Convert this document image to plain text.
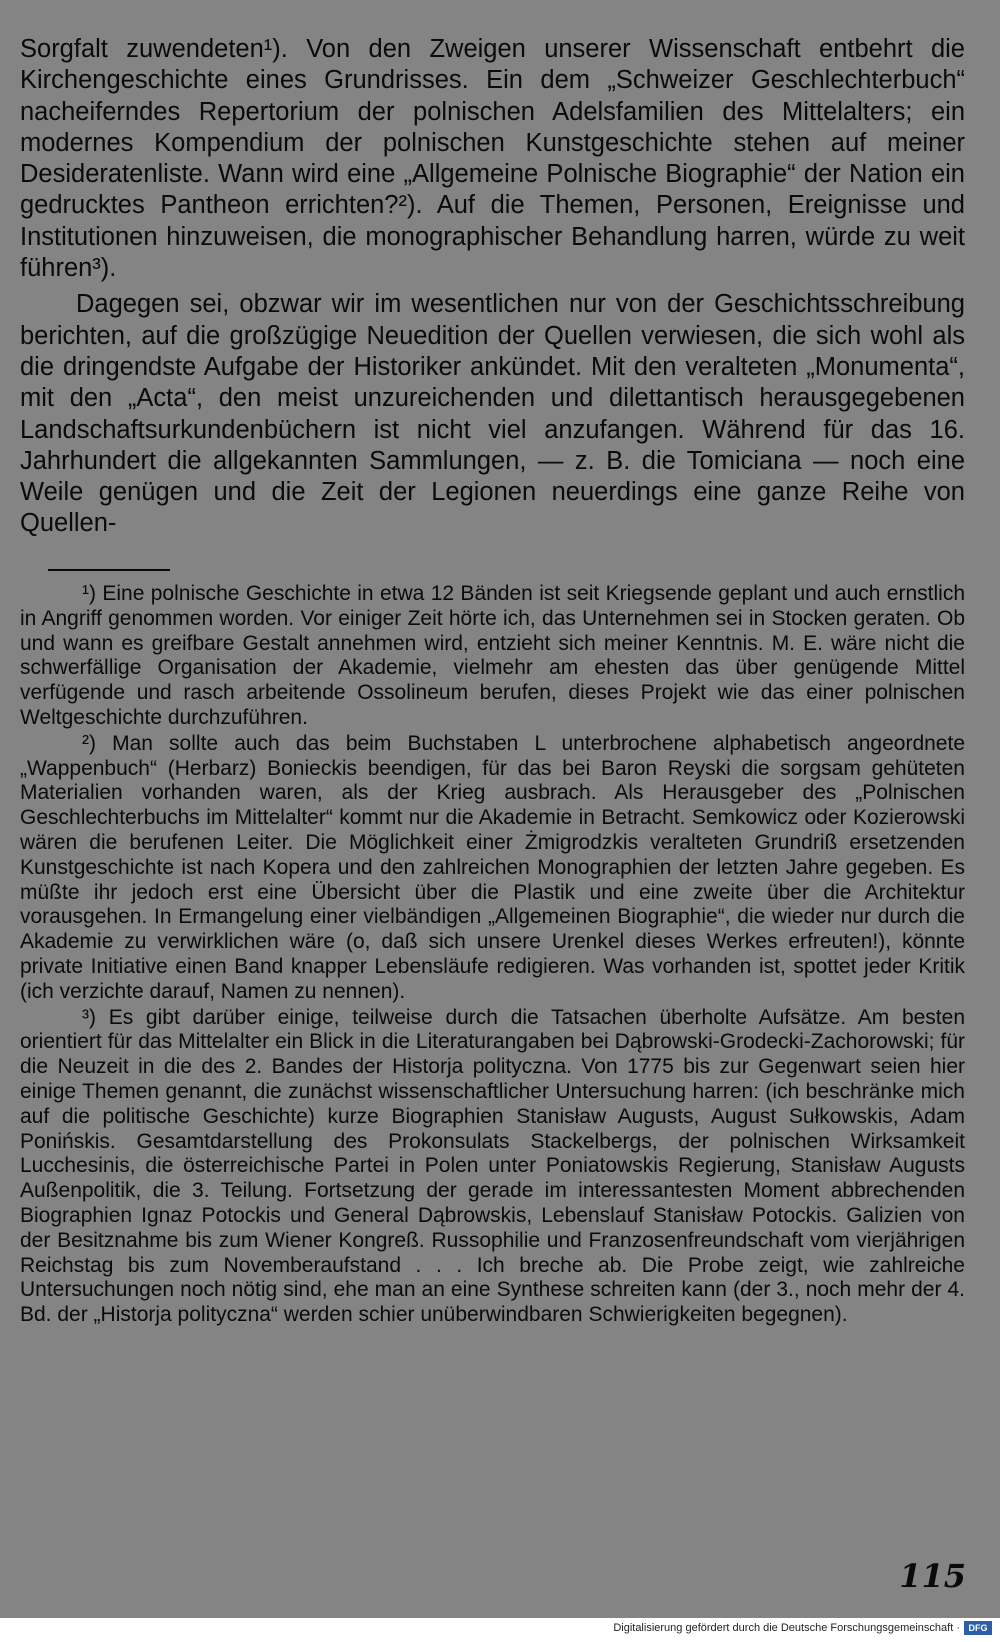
Sorgfalt zuwendeten¹). Von den Zweigen unserer Wissenschaft entbehrt die Kirchengeschichte eines Grundrisses. Ein dem „Schweizer Geschlechterbuch“ nacheiferndes Repertorium der polnischen Adelsfamilien des Mittelalters; ein modernes Kompendium der polnischen Kunstgeschichte stehen auf meiner Desideratenliste. Wann wird eine „Allgemeine Polnische Biographie“ der Nation ein gedrucktes Pantheon errichten?²). Auf die Themen, Personen, Ereignisse und Institutionen hinzuweisen, die monographischer Behandlung harren, würde zu weit führen³).

Dagegen sei, obzwar wir im wesentlichen nur von der Geschichtsschreibung berichten, auf die großzügige Neuedition der Quellen verwiesen, die sich wohl als die dringendste Aufgabe der Historiker ankündet. Mit den veralteten „Monumenta“, mit den „Acta“, den meist unzureichenden und dilettantisch herausgegebenen Landschaftsurkundenbüchern ist nicht viel anzufangen. Während für das 16. Jahrhundert die allgekannten Sammlungen, — z. B. die Tomiciana — noch eine Weile genügen und die Zeit der Legionen neuerdings eine ganze Reihe von Quellen-

¹) Eine polnische Geschichte in etwa 12 Bänden ist seit Kriegsende geplant und auch ernstlich in Angriff genommen worden. Vor einiger Zeit hörte ich, das Unternehmen sei in Stocken geraten. Ob und wann es greifbare Gestalt annehmen wird, entzieht sich meiner Kenntnis. M. E. wäre nicht die schwerfällige Organisation der Akademie, vielmehr am ehesten das über genügende Mittel verfügende und rasch arbeitende Ossolineum berufen, dieses Projekt wie das einer polnischen Weltgeschichte durchzuführen.

²) Man sollte auch das beim Buchstaben L unterbrochene alphabetisch angeordnete „Wappenbuch“ (Herbarz) Bonieckis beendigen, für das bei Baron Reyski die sorgsam gehüteten Materialien vorhanden waren, als der Krieg ausbrach. Als Herausgeber des „Polnischen Geschlechterbuchs im Mittelalter“ kommt nur die Akademie in Betracht. Semkowicz oder Kozierowski wären die berufenen Leiter. Die Möglichkeit einer Żmigrodzkis veralteten Grundriß ersetzenden Kunstgeschichte ist nach Kopera und den zahlreichen Monographien der letzten Jahre gegeben. Es müßte ihr jedoch erst eine Übersicht über die Plastik und eine zweite über die Architektur vorausgehen. In Ermangelung einer vielbändigen „Allgemeinen Biographie“, die wieder nur durch die Akademie zu verwirklichen wäre (o, daß sich unsere Urenkel dieses Werkes erfreuten!), könnte private Initiative einen Band knapper Lebensläufe redigieren. Was vorhanden ist, spottet jeder Kritik (ich verzichte darauf, Namen zu nennen).

³) Es gibt darüber einige, teilweise durch die Tatsachen überholte Aufsätze. Am besten orientiert für das Mittelalter ein Blick in die Literaturangaben bei Dąbrowski-Grodecki-Zachorowski; für die Neuzeit in die des 2. Bandes der Historja polityczna. Von 1775 bis zur Gegenwart seien hier einige Themen genannt, die zunächst wissenschaftlicher Untersuchung harren: (ich beschränke mich auf die politische Geschichte) kurze Biographien Stanisław Augusts, August Sułkowskis, Adam Ponińskis. Gesamtdarstellung des Prokonsulats Stackelbergs, der polnischen Wirksamkeit Lucchesinis, die österreichische Partei in Polen unter Poniatowskis Regierung, Stanisław Augusts Außenpolitik, die 3. Teilung. Fortsetzung der gerade im interessantesten Moment abbrechenden Biographien Ignaz Potockis und General Dąbrowskis, Lebenslauf Stanisław Potockis. Galizien von der Besitznahme bis zum Wiener Kongreß. Russophilie und Franzosenfreundschaft vom vierjährigen Reichstag bis zum Novemberaufstand . . . Ich breche ab. Die Probe zeigt, wie zahlreiche Untersuchungen noch nötig sind, ehe man an eine Synthese schreiten kann (der 3., noch mehr der 4. Bd. der „Historja polityczna“ werden schier unüberwindbaren Schwierigkeiten begegnen).

115
Digitalisierung gefördert durch die Deutsche Forschungsgemeinschaft · DFG
